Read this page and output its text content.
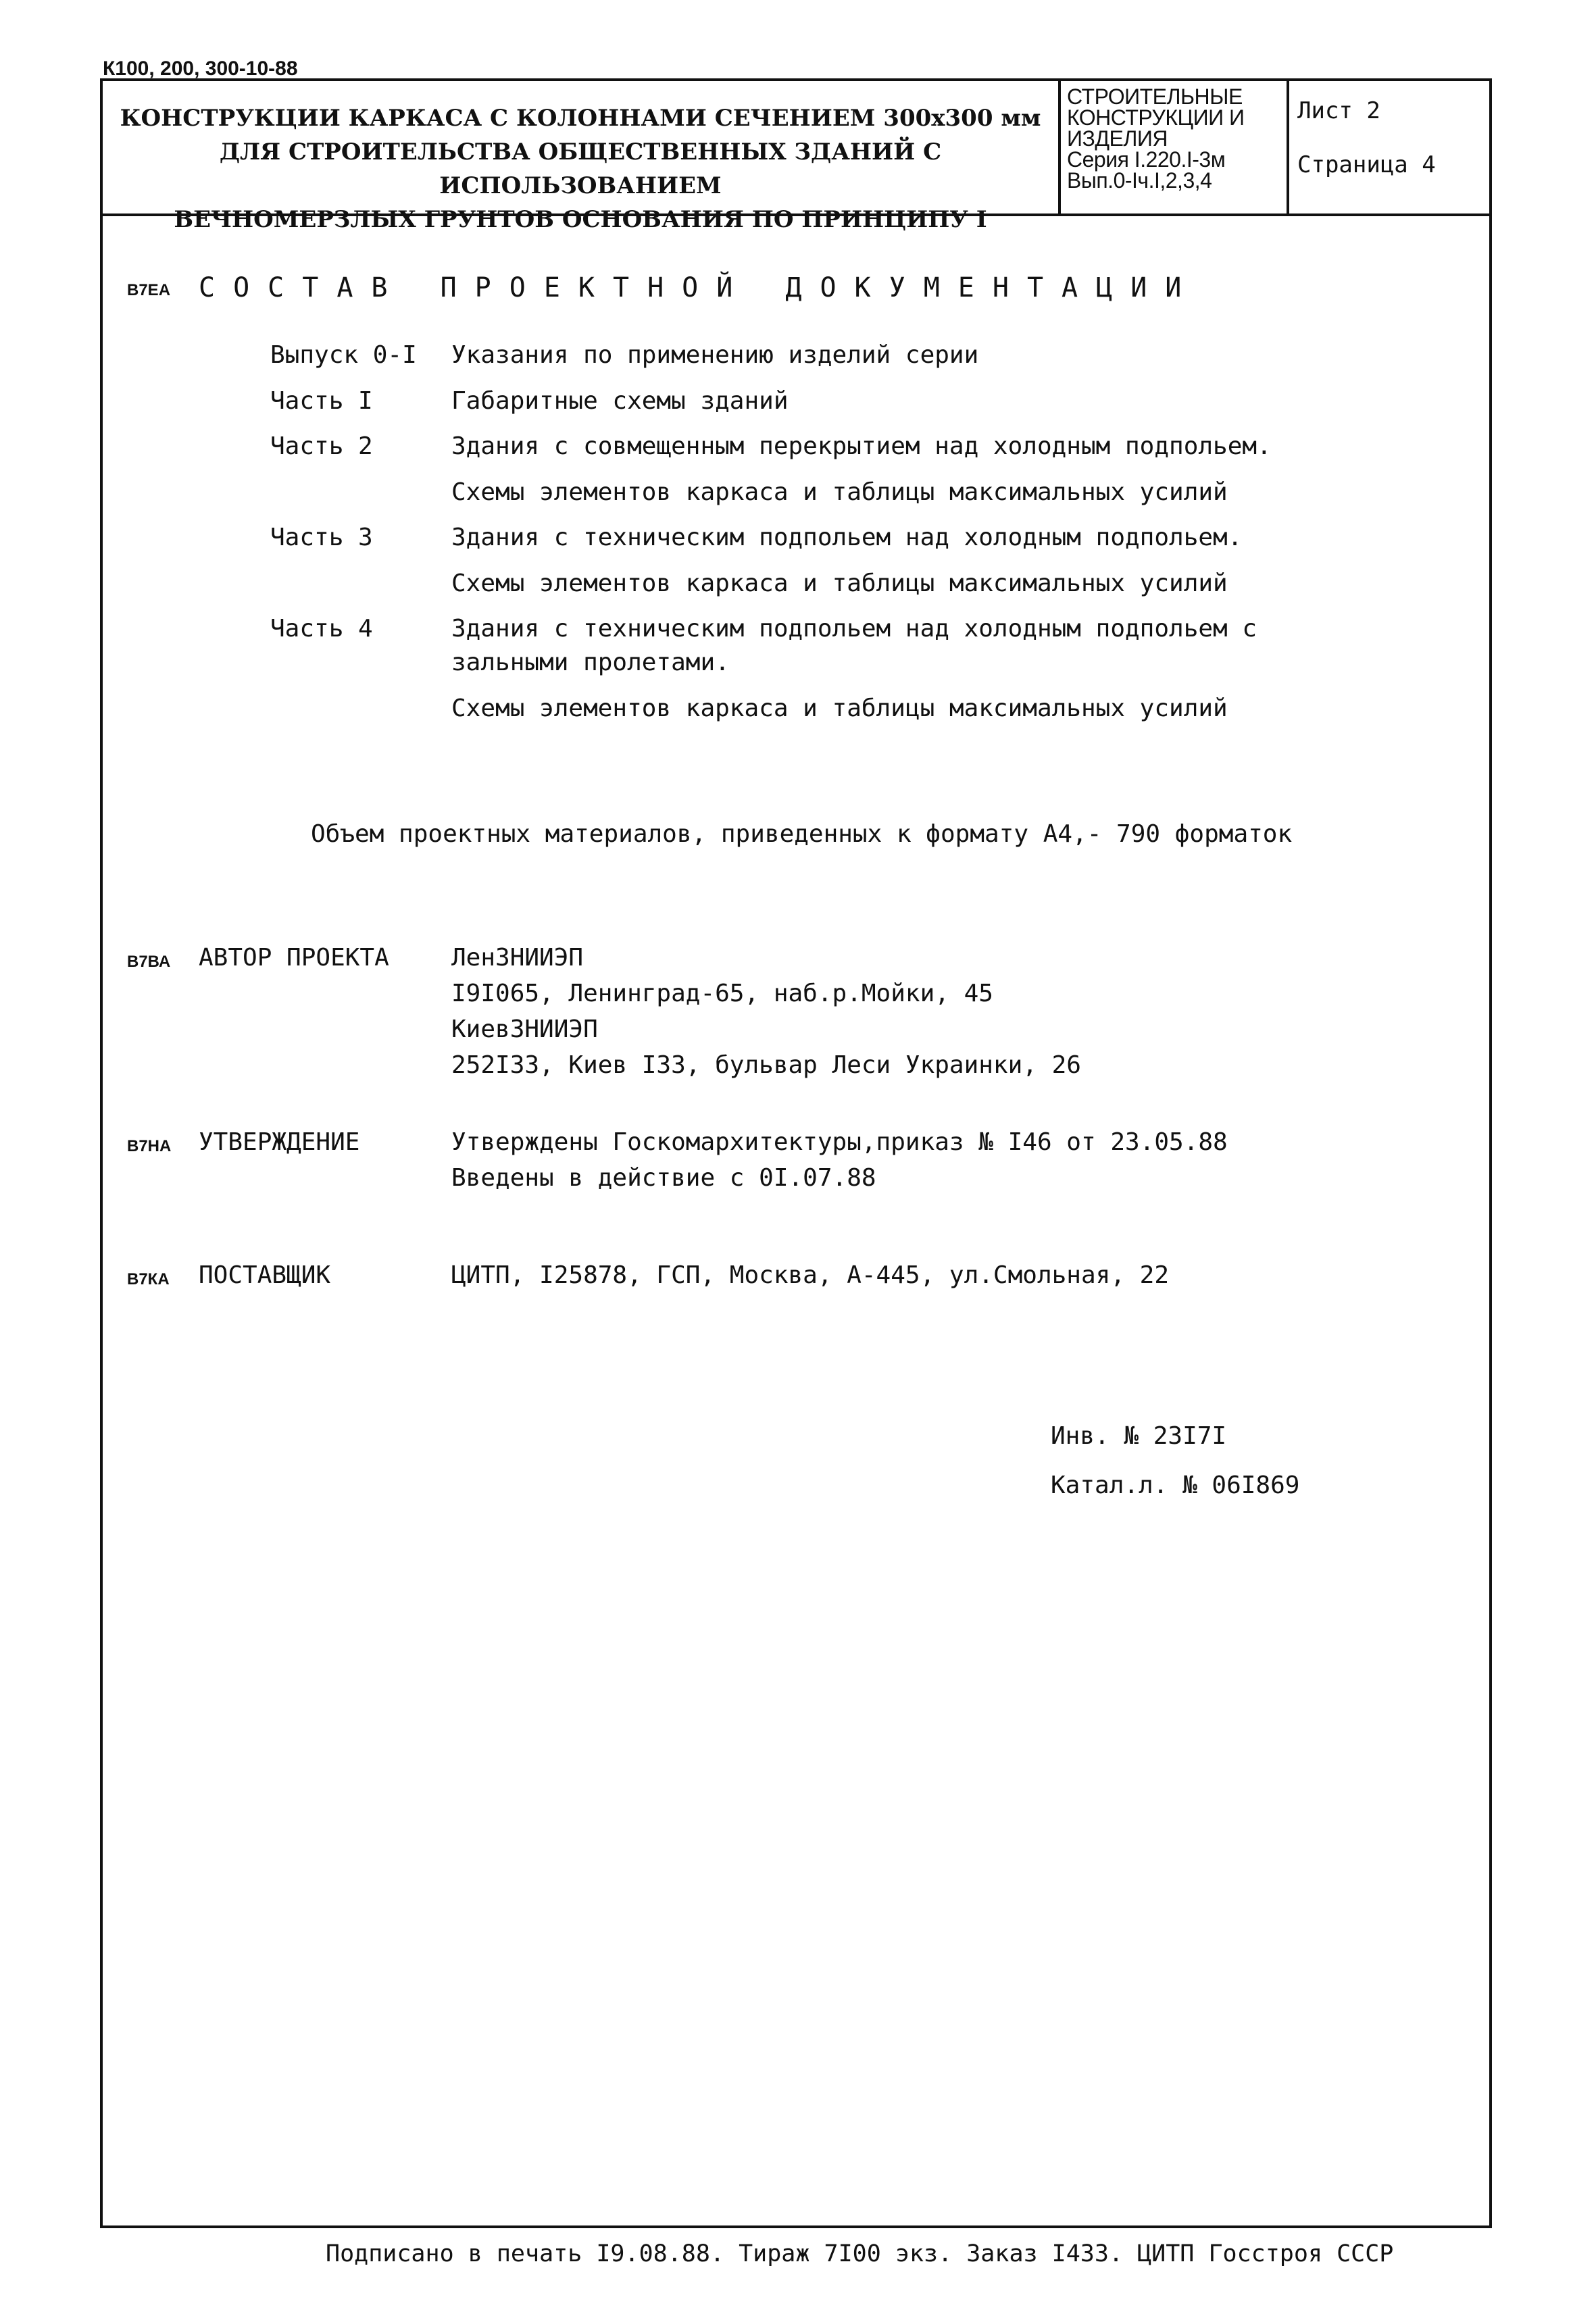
К100, 200, 300-10-88
КОНСТРУКЦИИ КАРКАСА С КОЛОННАМИ СЕЧЕНИЕМ 300х300 мм
ДЛЯ СТРОИТЕЛЬСТВА ОБЩЕСТВЕННЫХ ЗДАНИЙ С ИСПОЛЬЗОВАНИЕМ
ВЕЧНОМЕРЗЛЫХ ГРУНТОВ ОСНОВАНИЯ ПО ПРИНЦИПУ I
СТРОИТЕЛЬНЫЕ
КОНСТРУКЦИИ И
ИЗДЕЛИЯ
Серия I.220.I-3м
Вып.0-Iч.I,2,3,4
Лист 2
Страница 4
В7ЕА СОСТАВ ПРОЕКТНОЙ ДОКУМЕНТАЦИИ
Выпуск 0-I Указания по применению изделий серии
Часть I	Габаритные схемы зданий
Часть 2	Здания с совмещенным перекрытием над холодным подпольем.
Схемы элементов каркаса и таблицы максимальных усилий
Часть 3	Здания с техническим подпольем над холодным подпольем.
Схемы элементов каркаса и таблицы максимальных усилий
Часть 4	Здания с техническим подпольем над холодным подпольем с
зальными пролетами.
Схемы элементов каркаса и таблицы максимальных усилий
Объем проектных материалов, приведенных к формату А4,- 790 форматок
В7ВА АВТОР ПРОЕКТА	ЛенЗНИИЭП
I9I065, Ленинград-65, наб.р.Мойки, 45
КиевЗНИИЭП
252I33, Киев I33, бульвар Леси Украинки, 26
В7НА УТВЕРЖДЕНИЕ	Утверждены Госкомархитектуры,приказ № I46 от 23.05.88
Введены в действие с 0I.07.88
В7КА ПОСТАВЩИК	ЦИТП, I25878, ГСП, Москва, А-445, ул.Смольная, 22
Инв. № 23I7I
Катал.л. № 06I869
Подписано в печать I9.08.88. Тираж 7I00 экз. Заказ I433. ЦИТП Госстроя СССР
